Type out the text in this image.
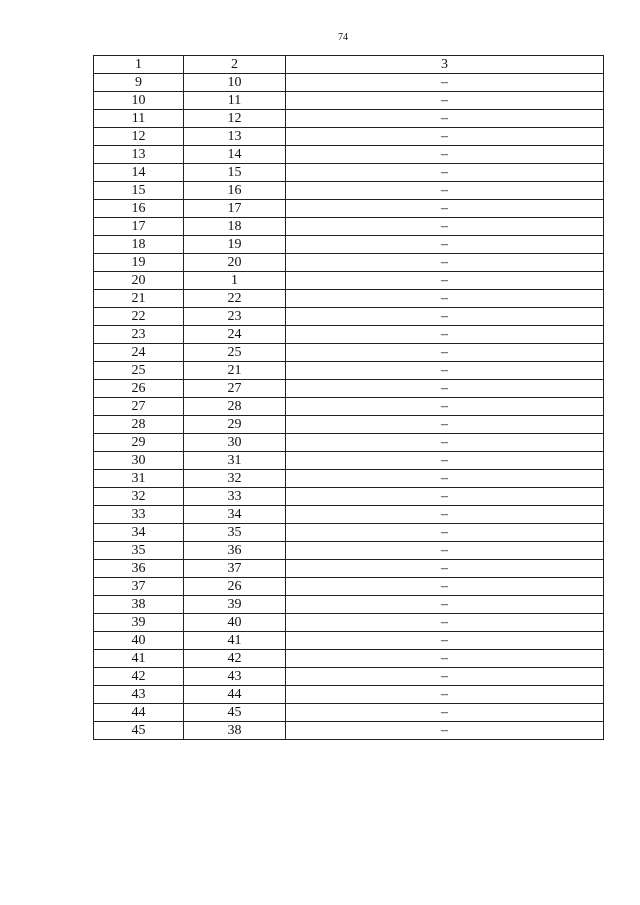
74
1	2	3
9	10	–
10	11	–
11	12	–
12	13	–
13	14	–
14	15	–
15	16	–
16	17	–
17	18	–
18	19	–
19	20	–
20	1	–
21	22	–
22	23	–
23	24	–
24	25	–
25	21	–
26	27	–
27	28	–
28	29	–
29	30	–
30	31	–
31	32	–
32	33	–
33	34	–
34	35	–
35	36	–
36	37	–
37	26	–
38	39	–
39	40	–
40	41	–
41	42	–
42	43	–
43	44	–
44	45	–
45	38	–
